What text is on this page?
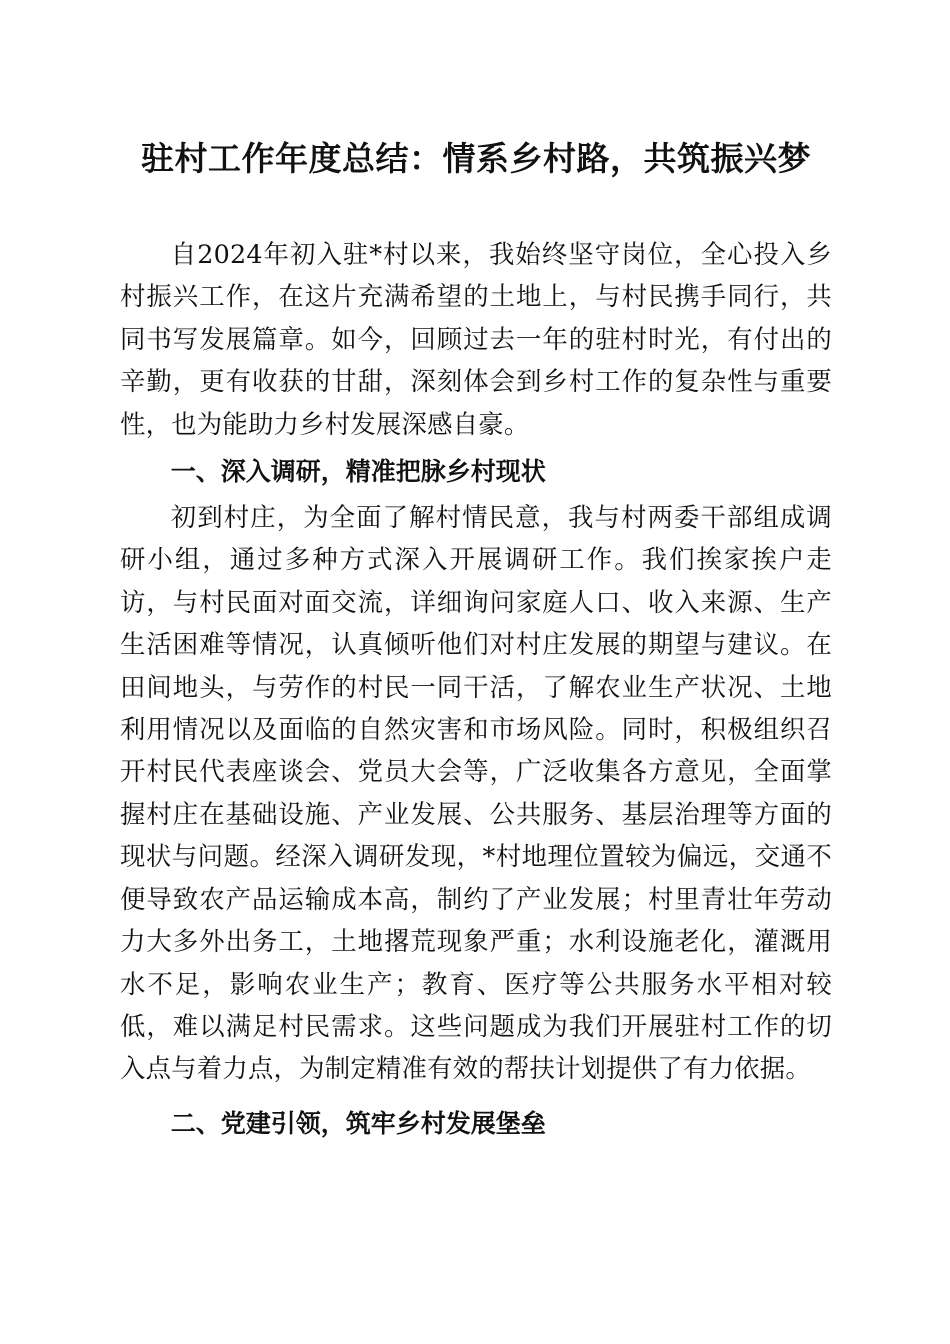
驻村工作年度总结：情系乡村路，共筑振兴梦

自2024年初入驻*村以来，我始终坚守岗位，全心投入乡村振兴工作，在这片充满希望的土地上，与村民携手同行，共同书写发展篇章。如今，回顾过去一年的驻村时光，有付出的辛勤，更有收获的甘甜，深刻体会到乡村工作的复杂性与重要性，也为能助力乡村发展深感自豪。

一、深入调研，精准把脉乡村现状

初到村庄，为全面了解村情民意，我与村两委干部组成调研小组，通过多种方式深入开展调研工作。我们挨家挨户走访，与村民面对面交流，详细询问家庭人口、收入来源、生产生活困难等情况，认真倾听他们对村庄发展的期望与建议。在田间地头，与劳作的村民一同干活，了解农业生产状况、土地利用情况以及面临的自然灾害和市场风险。同时，积极组织召开村民代表座谈会、党员大会等，广泛收集各方意见，全面掌握村庄在基础设施、产业发展、公共服务、基层治理等方面的现状与问题。经深入调研发现，*村地理位置较为偏远，交通不便导致农产品运输成本高，制约了产业发展；村里青壮年劳动力大多外出务工，土地撂荒现象严重；水利设施老化，灌溉用水不足，影响农业生产；教育、医疗等公共服务水平相对较低，难以满足村民需求。这些问题成为我们开展驻村工作的切入点与着力点，为制定精准有效的帮扶计划提供了有力依据。

二、党建引领，筑牢乡村发展堡垒
